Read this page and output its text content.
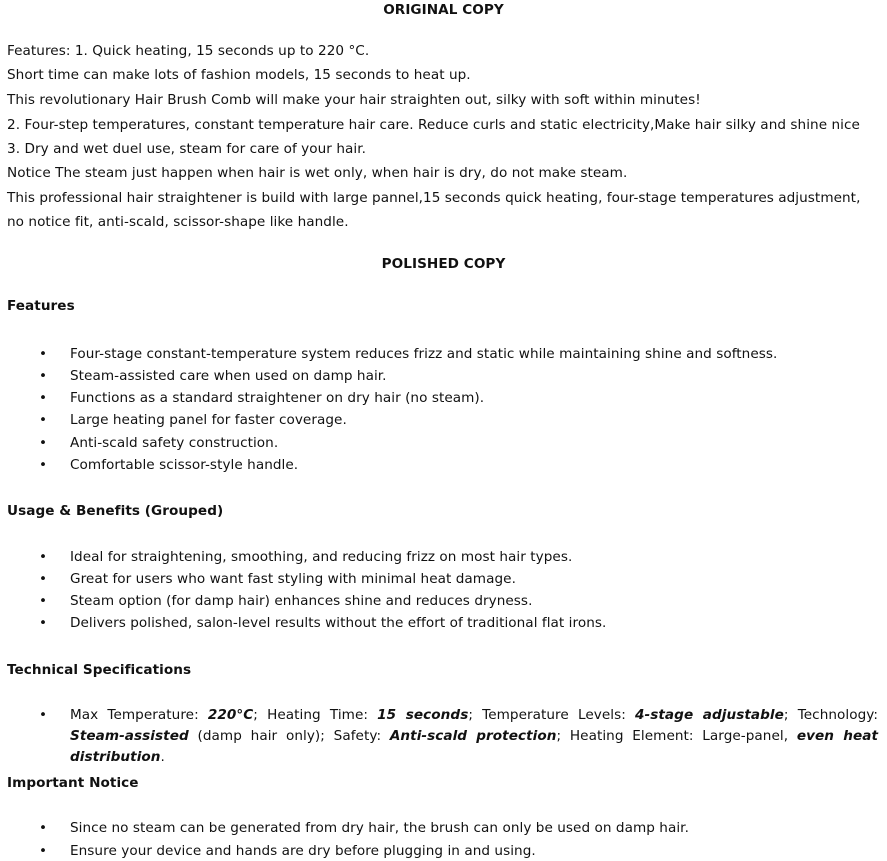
ORIGINAL COPY
Features: 1. Quick heating, 15 seconds up to 220 °C.
Short time can make lots of fashion models, 15 seconds to heat up.
This revolutionary Hair Brush Comb will make your hair straighten out, silky with soft within minutes!
2. Four-step temperatures, constant temperature hair care. Reduce curls and static electricity,Make hair silky and shine nice
3. Dry and wet duel use, steam for care of your hair.
Notice The steam just happen when hair is wet only, when hair is dry, do not make steam.
This professional hair straightener is build with large pannel,15 seconds quick heating, four-stage temperatures adjustment,
no notice fit, anti-scald, scissor-shape like handle.
POLISHED COPY
Features
• Four-stage constant-temperature system reduces frizz and static while maintaining shine and softness.
• Steam-assisted care when used on damp hair.
• Functions as a standard straightener on dry hair (no steam).
• Large heating panel for faster coverage.
• Anti-scald safety construction.
• Comfortable scissor-style handle.
Usage & Benefits (Grouped)
• Ideal for straightening, smoothing, and reducing frizz on most hair types.
• Great for users who want fast styling with minimal heat damage.
• Steam option (for damp hair) enhances shine and reduces dryness.
• Delivers polished, salon-level results without the effort of traditional flat irons.
Technical Specifications
• Max Temperature: 220°C; Heating Time: 15 seconds; Temperature Levels: 4-stage adjustable; Technology: Steam-assisted (damp hair only); Safety: Anti-scald protection; Heating Element: Large-panel, even heat distribution.
Important Notice
• Since no steam can be generated from dry hair, the brush can only be used on damp hair.
• Ensure your device and hands are dry before plugging in and using.
